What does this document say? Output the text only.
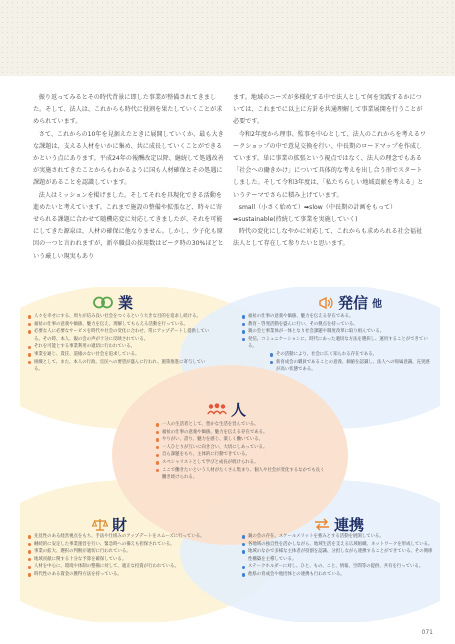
振り返ってみるとその時代背景に即した事業が整備されてきました。そして、法人は、これからも時代に役割を果たしていくことが求められています。

さて、これからの10年を見据えたときに展開していくか、最も大きな課題は、支える人材をいかに集め、共に成長していくことができるかという点にあります。平成24年の報酬改定以降、継続して処遇改善が実施されてきたことからもわかるように国も人材確保とその処遇に課題があることを認識しています。

法人はミッションを掲げました。そしてそれを具現化できる活動を進めたいと考えています。これまで施設の整備や拡張など、時々に寄せられる課題に合わせて随機応変に対応してきましたが、それを可能にしてきた源泉は、人材の確保に他なりません。しかし、少子化も原因の一つと言われますが、新卒職員の採用数はピーク時の30%ほどという厳しい現実もあり

ます。地域のニーズが多様化する中で法人として何を実践するかについては、これまでに以上に方針を共通理解して事業展開を行うことが必要です。

今和2年度から理事、監事を中心として、法人のこれからを考えるワークショップの中で意見交換を行い、中長期のロードマップを作成しています。単に事業の拡張という視点ではなく、法人の理念でもある「社会への働きかけ」について具体的な考えを出し合う形でスタートしました。そして令和3年度は、「私たちらしい地域貢献を考える」というテーマでさらに積み上げています。

small（小さく始めて）➡slow（中長期の計画をもって）➡sustainable(持続して事業を実施していく)

時代の変化にしなやかに対応して、これからも求められる社会福祉法人として存在して参りたいと思います。

業
人々を幸せにする、周りが信み良い社会をつくるという大きな目的を追求し続ける。
福祉の仕事の意義や価値、魅力を伝え、理解してもらえる活動を行っている。
必要な人に必要なサービスを時代や社会の変化に合わせ、常にアップデートし提供している。その時、本人、親の会の声が十分に反映されている。
それを可能とする事業利用の適切に行われている。
事業を通じ、責任、道徳のない社会を追求している。
組織として、また、本人の行政、官民への要望が盛んに行われ、施策推進に寄与している。
発信 他
福祉の仕事の意義や価値、魅力を伝える存在である。
教育・啓発活動を盛んに行い、その拠点を持っている。
親の会と事業体が一体となり社会課題や制度改革に取り組んでいる。
発信、コミュニケーションに、時代にあった適切な方法を選択し、運用することができている。
その活動により、社会に広く知られる存在である。
新育成会の職員であることの意義、価値を認識し、法人への帰属意識、充実感が高い状態である。
人
一人の生活者として、豊かな生活を営んでいる。
福祉の仕事の意義や価値、魅力を伝える存在である。
やりがい、誇り、魅力を感じ、楽しく働いている。
一人ひとりが互いに向き合い、大切にしあっている。
自ら課題をもち、主体的に行動できている。
スペシャリストとして学びと成長が続けられる。
ここで働きたいという人材がたくさん集まり、個人や社会が変化するなかでも長く働き続けられる。
財
先見性のある経営視点をもち、手法や仕組みのアップデートをスムーズに行っている。
継続的に安定した事業運営を行い、緊急時への備えも担保されている。
事業の拡大、選択の判断が適切に行われている。
地域貢献に関する十分な予算を確保している。
人材を中心に、環境や体制の整備に対して、適正な投資が行われている。
時代性のある資金の獲得方法を持っている。
連携
親の会の存在、スケールメリットを強みとする活動を展開している。
各地域の独自性を活かしながら、地域生活を支える広域組織、ネットワークを形成している。
地域のなかで多様な主体者が役割を認識、分担しながら連携することができている。その関係性構築を主導している。
ステークホルダーに対し、ひと、もの、こと、情報、空間等の提供、共有を行っている。
他県の育成会や他団体との連携も行われている。
071
